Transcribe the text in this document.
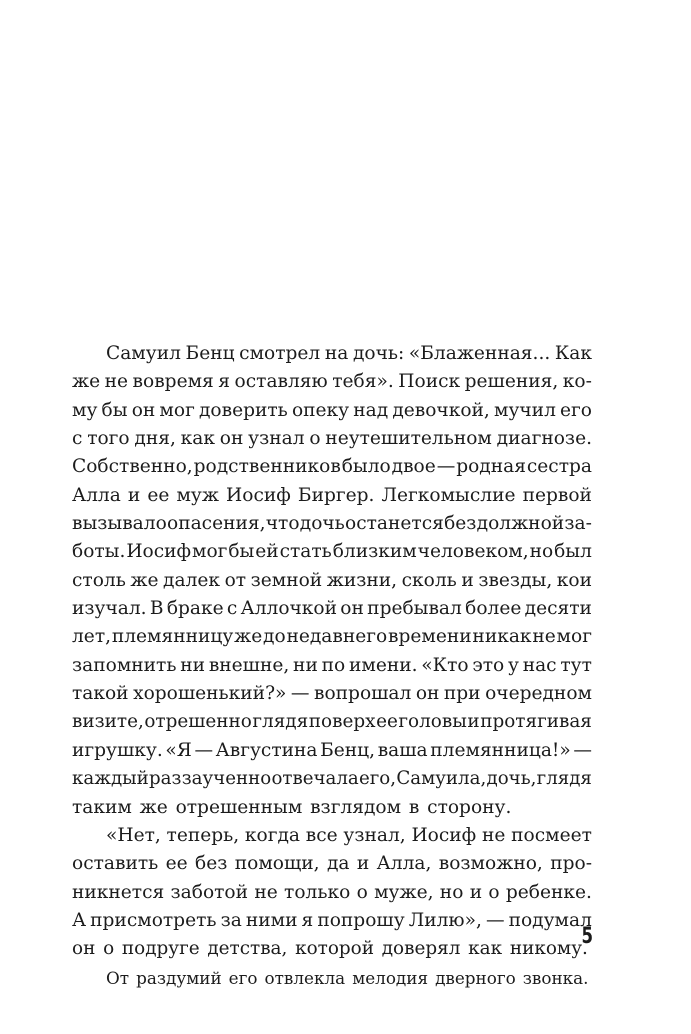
Самуил Бенц смотрел на дочь: «Блаженная... Как
же не вовремя я оставляю тебя». Поиск решения, ко-
му бы он мог доверить опеку над девочкой, мучил его
с того дня, как он узнал о неутешительном диагнозе.
Собственно, родственников было двое — родная сестра
Алла и ее муж Иосиф Биргер. Легкомыслие первой
вызывало опасения, что дочь останется без должной за-
боты. Иосиф мог бы ей стать близким человеком, но был
столь же далек от земной жизни, сколь и звезды, кои
изучал. В браке с Аллочкой он пребывал более десяти
лет, племянницу же до недавнего времени никак не мог
запомнить ни внешне, ни по имени. «Кто это у нас тут
такой хорошенький?» — вопрошал он при очередном
визите, отрешенно глядя поверх ее головы и протягивая
игрушку. «Я — Августина Бенц, ваша племянница!» —
каждый раз заученно отвечала его, Самуила, дочь, глядя
таким же отрешенным взглядом в сторону.
«Нет, теперь, когда все узнал, Иосиф не посмеет
оставить ее без помощи, да и Алла, возможно, про-
никнется заботой не только о муже, но и о ребенке.
А присмотреть за ними я попрошу Лилю», — подумал
он о подруге детства, которой доверял как никому.
От раздумий его отвлекла мелодия дверного звонка.
5
